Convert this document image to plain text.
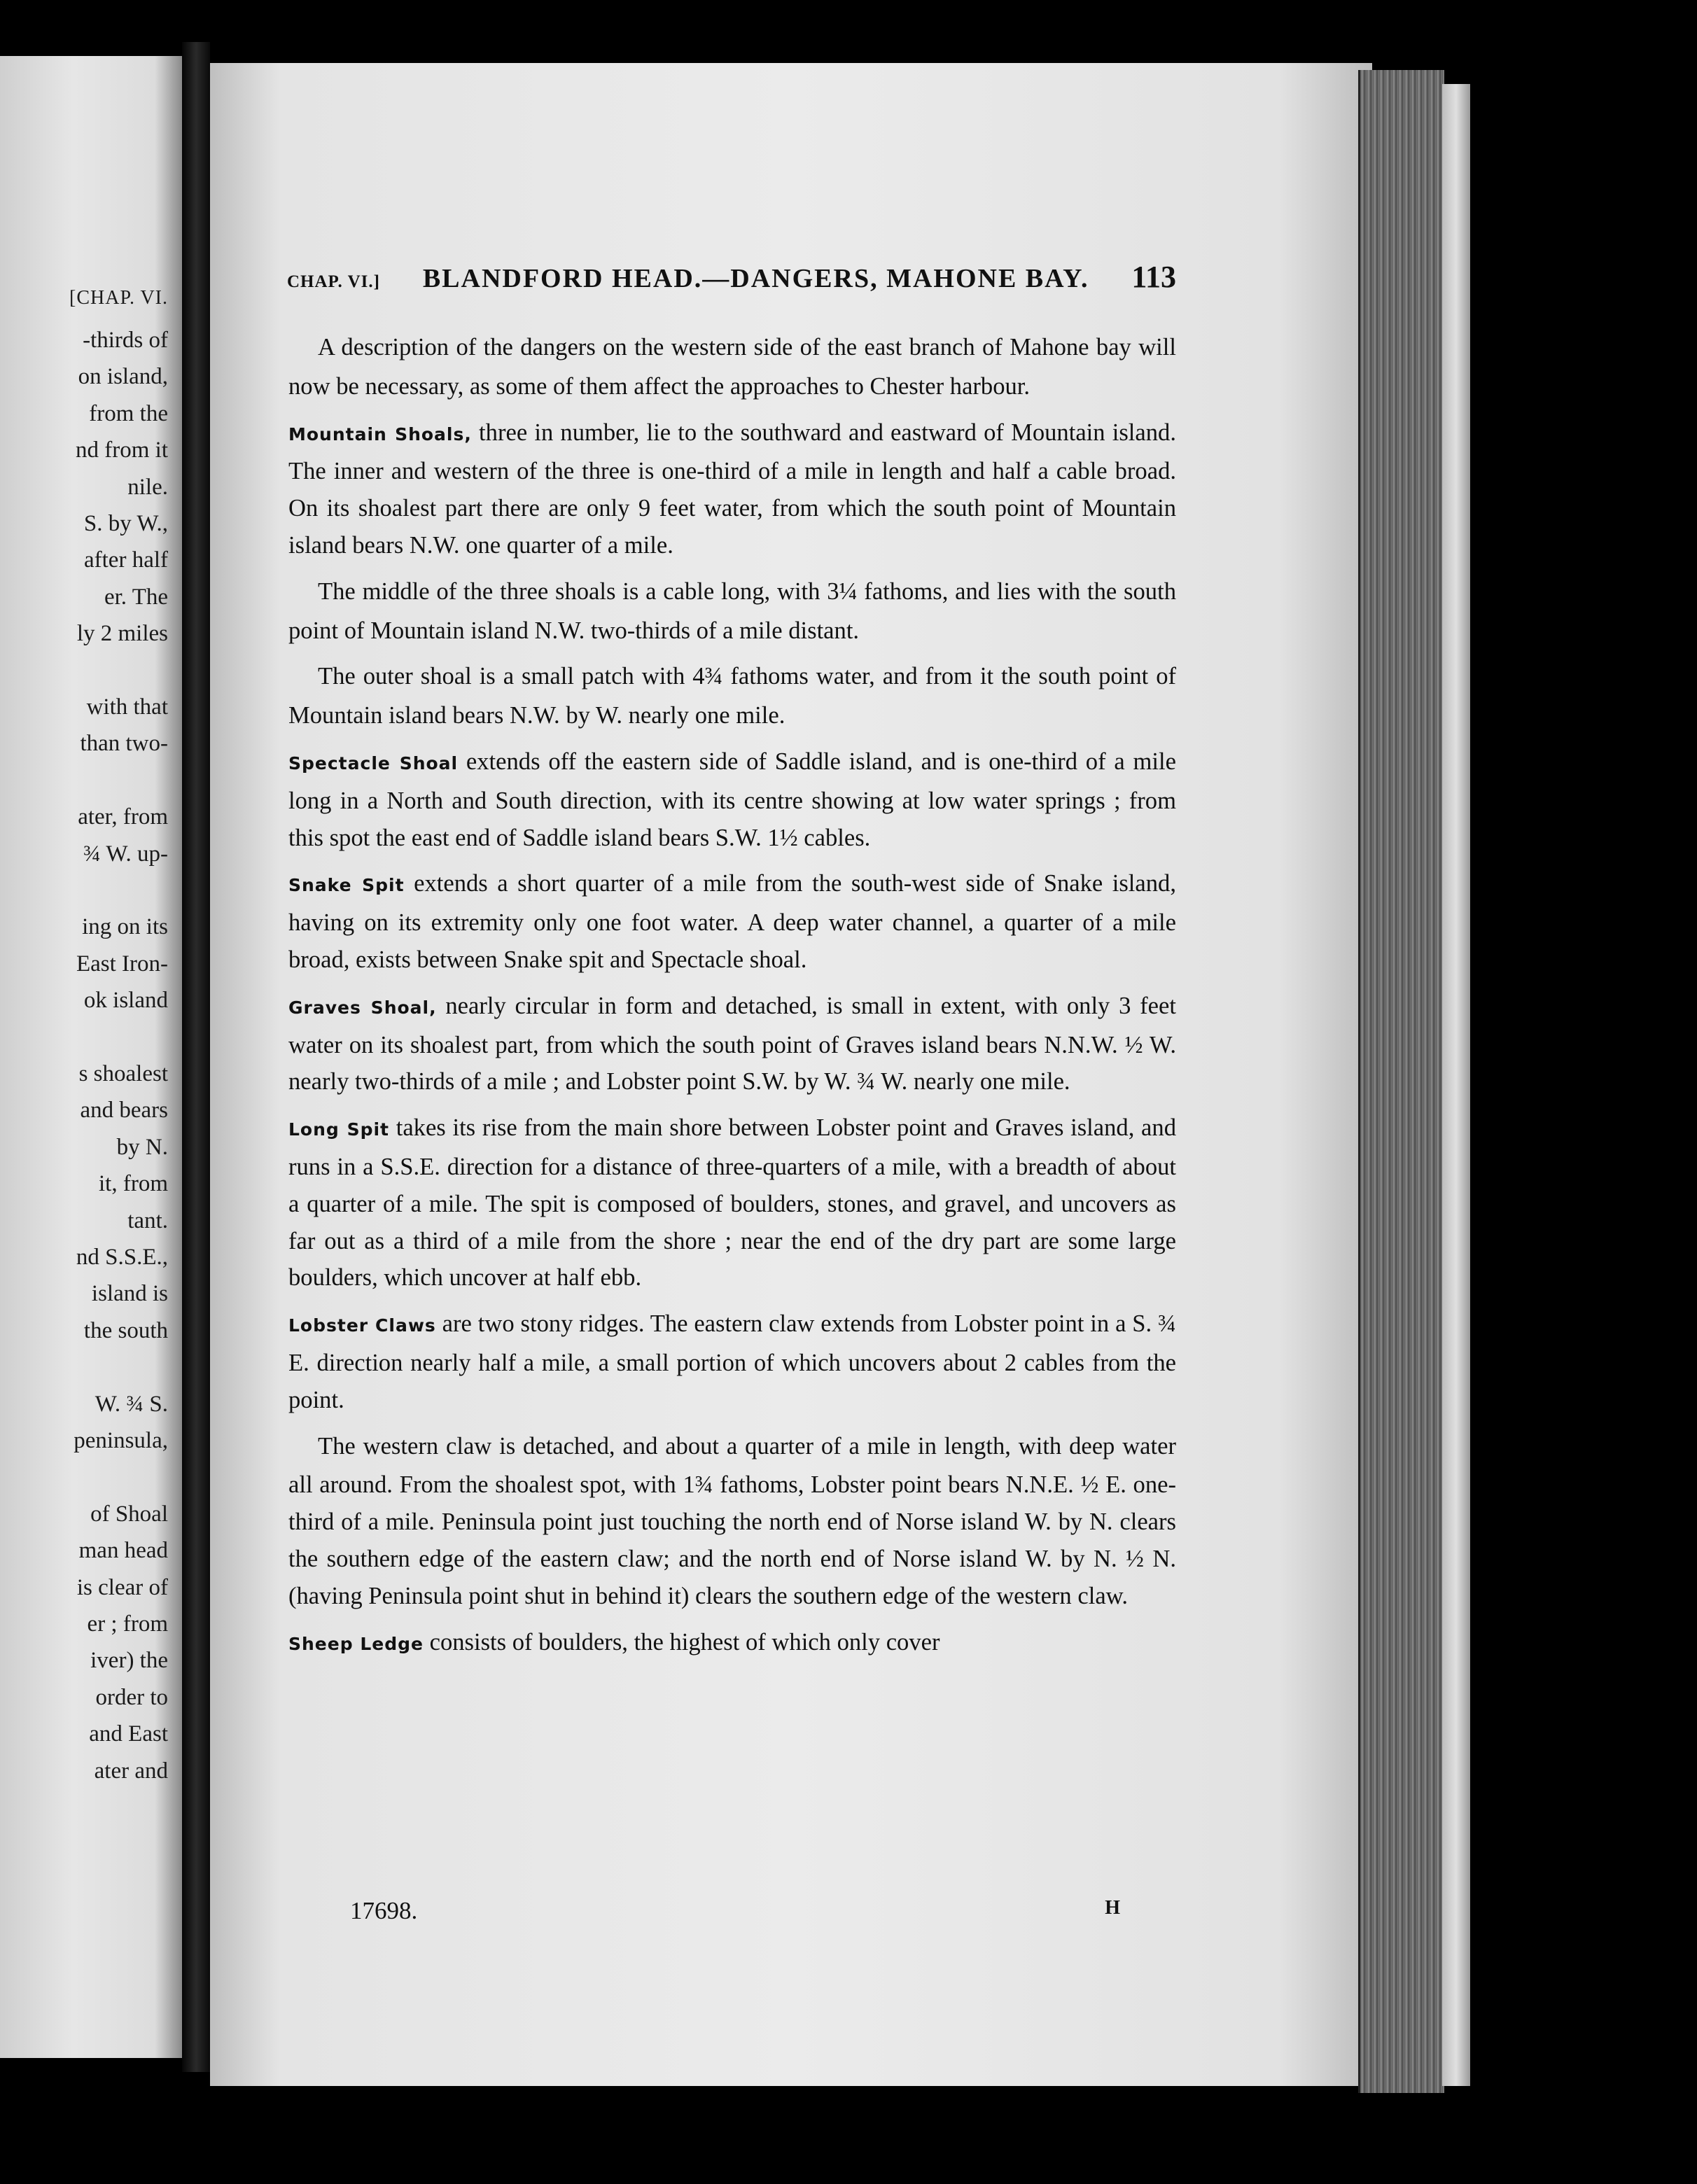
[CHAP. VI.
-thirds of
on island,
from the
nd from it
nile.
S. by W.,
after half
er. The
ly 2 miles
with that
than two-
ater, from
¾ W. up-
ing on its
East Iron-
ok island
s shoalest
and bears
by N.
it, from
tant.
nd S.S.E.,
island is
the south
W. ¾ S.
peninsula,
of Shoal
man head
is clear of
er ; from
iver) the
order to
and East
ater and
CHAP. VI.] BLANDFORD HEAD.—DANGERS, MAHONE BAY. 113

A description of the dangers on the western side of the east branch of Mahone bay will now be necessary, as some of them affect the approaches to Chester harbour.

Mountain Shoals, three in number, lie to the southward and eastward of Mountain island. The inner and western of the three is one-third of a mile in length and half a cable broad. On its shoalest part there are only 9 feet water, from which the south point of Mountain island bears N.W. one quarter of a mile.

The middle of the three shoals is a cable long, with 3¼ fathoms, and lies with the south point of Mountain island N.W. two-thirds of a mile distant.

The outer shoal is a small patch with 4¾ fathoms water, and from it the south point of Mountain island bears N.W. by W. nearly one mile.

Spectacle Shoal extends off the eastern side of Saddle island, and is one-third of a mile long in a North and South direction, with its centre showing at low water springs ; from this spot the east end of Saddle island bears S.W. 1½ cables.

Snake Spit extends a short quarter of a mile from the south-west side of Snake island, having on its extremity only one foot water. A deep water channel, a quarter of a mile broad, exists between Snake spit and Spectacle shoal.

Graves Shoal, nearly circular in form and detached, is small in extent, with only 3 feet water on its shoalest part, from which the south point of Graves island bears N.N.W. ½ W. nearly two-thirds of a mile ; and Lobster point S.W. by W. ¾ W. nearly one mile.

Long Spit takes its rise from the main shore between Lobster point and Graves island, and runs in a S.S.E. direction for a distance of three-quarters of a mile, with a breadth of about a quarter of a mile. The spit is composed of boulders, stones, and gravel, and uncovers as far out as a third of a mile from the shore ; near the end of the dry part are some large boulders, which uncover at half ebb.

Lobster Claws are two stony ridges. The eastern claw extends from Lobster point in a S. ¾ E. direction nearly half a mile, a small portion of which uncovers about 2 cables from the point.

The western claw is detached, and about a quarter of a mile in length, with deep water all around. From the shoalest spot, with 1¾ fathoms, Lobster point bears N.N.E. ½ E. one-third of a mile. Peninsula point just touching the north end of Norse island W. by N. clears the southern edge of the eastern claw; and the north end of Norse island W. by N. ½ N. (having Peninsula point shut in behind it) clears the southern edge of the western claw.

Sheep Ledge consists of boulders, the highest of which only cover

17698.	H
